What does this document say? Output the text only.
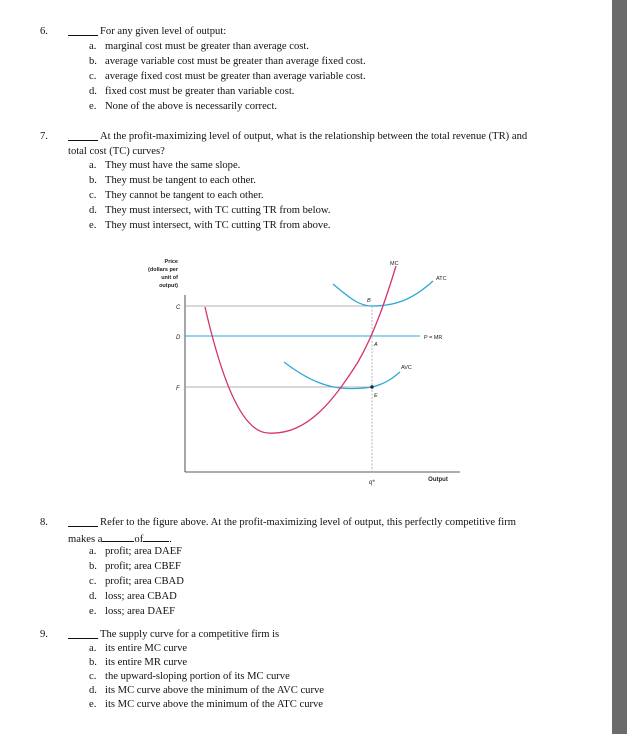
6.	For any given level of output:
a. marginal cost must be greater than average cost.
b. average variable cost must be greater than average fixed cost.
c. average fixed cost must be greater than average variable cost.
d. fixed cost must be greater than variable cost.
e. None of the above is necessarily correct.
7.	At the profit-maximizing level of output, what is the relationship between the total revenue (TR) and
total cost (TC) curves?
a. They must have the same slope.
b. They must be tangent to each other.
c. They cannot be tangent to each other.
d. They must intersect, with TC cutting TR from below.
e. They must intersect, with TC cutting TR from above.
Price
(dollars per
unit of
output)
Output
C
D
F
q*
B
A
E
MC
ATC
P = MR
AVC
8.	Refer to the figure above. At the profit-maximizing level of output, this perfectly competitive firm
makes a	of .
a. profit; area DAEF
b. profit; area CBEF
c. profit; area CBAD
d. loss; area CBAD
e. loss; area DAEF
9.	The supply curve for a competitive firm is
a. its entire MC curve
b. its entire MR curve
c. the upward-sloping portion of its MC curve
d. its MC curve above the minimum of the AVC curve
e. its MC curve above the minimum of the ATC curve
